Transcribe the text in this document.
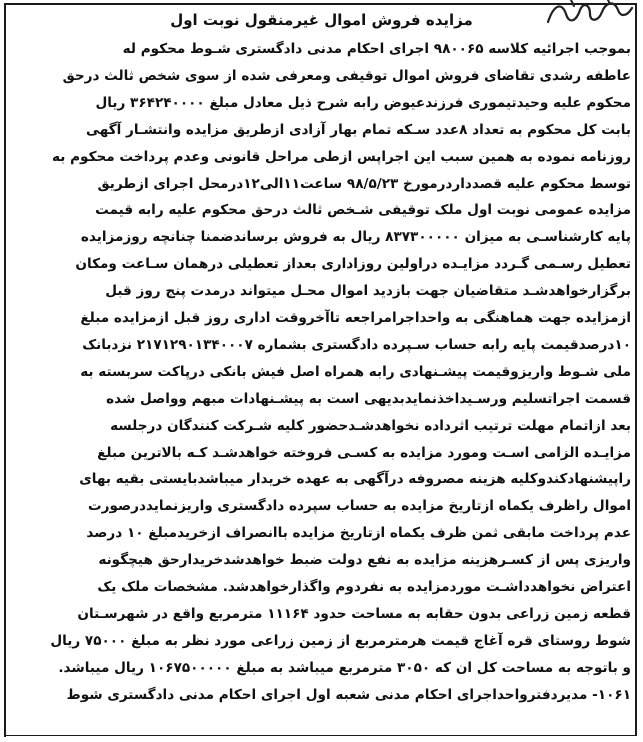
مزایده فروش اموال غیرمنقول نوبت اول
بموجب اجرائیه کلاسه ۹۸۰۰۶۵ اجرای احکام مدنی دادگستری شـوط محکوم له
عاطفه رشدی تقاضای فروش اموال توقیفی ومعرفی شده از سوی شخص ثالث درحق
محکوم علیه وحیدتیموری فرزندعیوض رابه شرح ذیل معادل مبلغ ۳۶۴۲۴۰۰۰۰ ریال
بابت کل محکوم به تعداد ۸عدد سـکه تمام بهار آزادی ازطریق مزایده وانتشـار آگهی
روزنامه نموده به همین سبب این اجراپس ازطی مراحل قانونی وعدم پرداخت محکوم به
توسط محکوم علیه قصدداردرمورخ ۹۸/۵/۲۳ ساعت۱۱الی۱۲درمحل اجرای ازطریق
مزایده عمومی نوبت اول ملک توقیفی شـخص ثالث درحق محکوم علیه رابه قیمت
پایه کارشناسـی به میزان ۸۳۷۳۰۰۰۰۰ ریال به فروش برساندضمنا چنانچه روزمزایده
تعطیل رسـمی گـردد مزایـده دراولین روزاداری بعداز تعطیلی درهمان سـاعت ومکان
برگزارخواهدشـد متقاضیان جهت بازدید اموال محـل میتواند درمدت پنج روز قبل
ازمزایده جهت هماهنگی به واحداجرامراجعه تاآخروقت اداری روز قبل ازمزایده مبلغ
۱۰درصدقیمت پایه رابه حساب سـپرده دادگستری بشماره ۲۱۷۱۲۹۰۱۳۴۰۰۰۷ نزدبانک
ملی شـوط واریزوقیمت پیشـنهادی رابه همراه اصل فیش بانکی درپاکت سربسته به
قسمت اجراتسلیم ورسـیداخذنمایدبدیهی است به پیشـنهادات مبهم وواصل شده
بعد ازاتمام مهلت ترتیب اثرداده نخواهدشـدحضور کلیه شـرکت کنندگان درجلسه
مزایـده الزامی اسـت ومورد مزایده به کسـی فروخته خواهدشـد کـه بالاترین مبلغ
راپیشنهادکندوکلیه هزینه مصروفه درآگهی به عهده خریدار میباشدبایستی بقیه بهای
اموال راظرف یکماه ازتاریخ مزایده به حساب سپرده دادگستری واریزنمایددرصورت
عدم پرداخت مابقی ثمن ظرف یکماه ازتاریخ مزایده باانصراف ازخریدمبلغ ۱۰ درصد
واریزی پس از کسـرهزینه مزایده به نفع دولت ضبط خواهدشدخریدارحق هیچگونه
اعتراض نخواهدداشـت موردمزایده به نفردوم واگذارخواهدشد. مشخصات ملک یک
قطعه زمین زراعی بدون حقابه به مساحت حدود ۱۱۱۶۴ مترمربع واقع در شهرسـتان
شوط روستای قره آغاج قیمت هرمترمربع از زمین زراعی مورد نظر به مبلغ ۷۵۰۰۰ ریال
و باتوجه به مساحت کل ان که ۳۰۵۰ مترمربع میباشد به مبلغ ۱۰۶۷۵۰۰۰۰۰ ریال میباشد.
۱۰۶۱- مدیردفترواحداجرای احکام مدنی شعبه اول اجرای احکام مدنی دادگستری شوط
